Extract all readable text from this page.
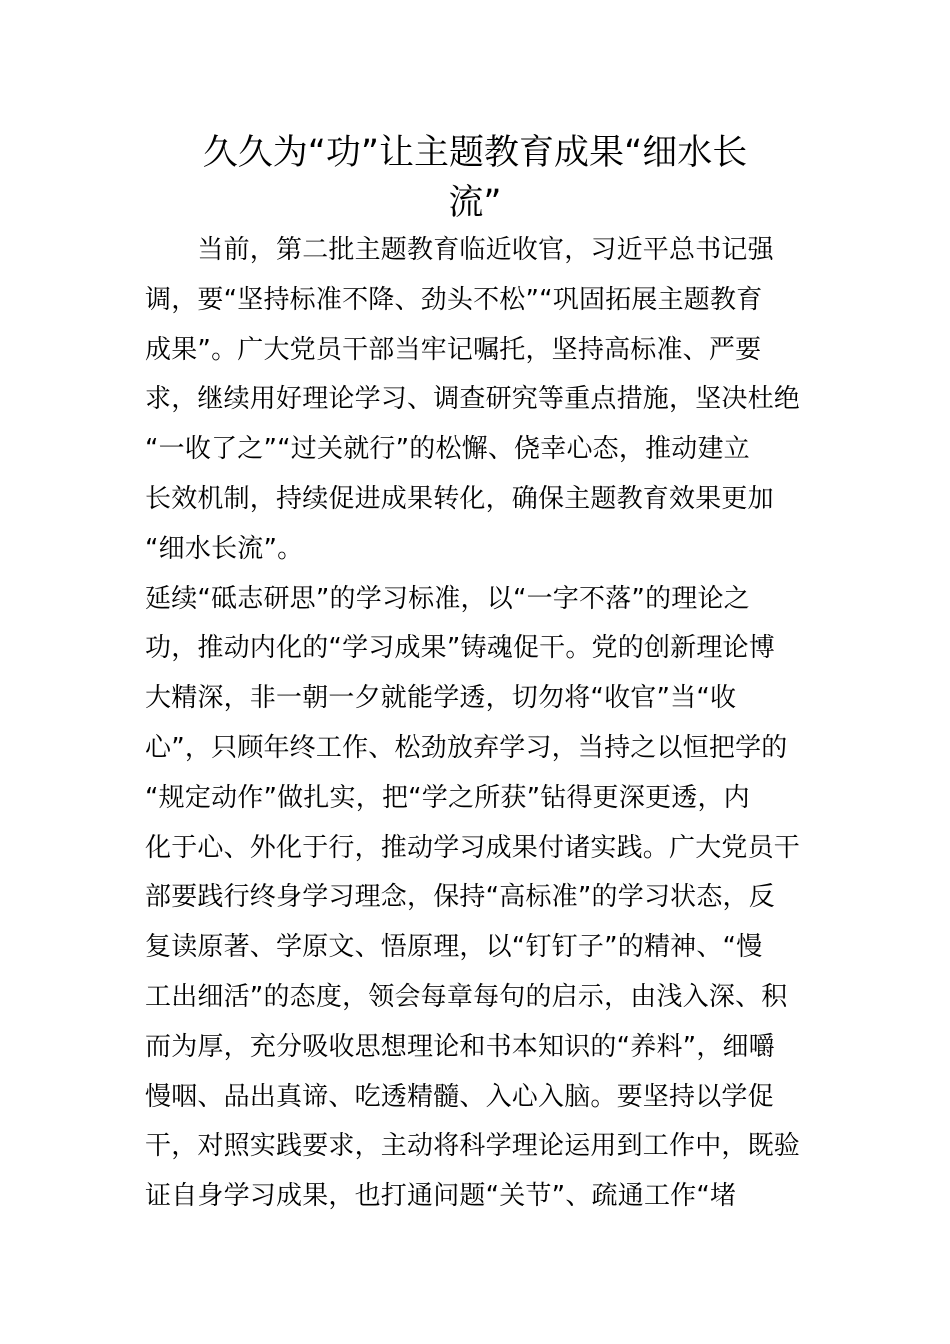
久久为“功”让主题教育成果“细水长
流”

　　当前，第二批主题教育临近收官，习近平总书记强

调，要“坚持标准不降、劲头不松”“巩固拓展主题教育

成果”。广大党员干部当牢记嘱托，坚持高标准、严要

求，继续用好理论学习、调查研究等重点措施，坚决杜绝

“一收了之”“过关就行”的松懈、侥幸心态，推动建立

长效机制，持续促进成果转化，确保主题教育效果更加

“细水长流”。

延续“砥志研思”的学习标准，以“一字不落”的理论之

功，推动内化的“学习成果”铸魂促干。党的创新理论博

大精深，非一朝一夕就能学透，切勿将“收官”当“收

心”，只顾年终工作、松劲放弃学习，当持之以恒把学的

“规定动作”做扎实，把“学之所获”钻得更深更透，内

化于心、外化于行，推动学习成果付诸实践。广大党员干

部要践行终身学习理念，保持“高标准”的学习状态，反

复读原著、学原文、悟原理，以“钉钉子”的精神、“慢

工出细活”的态度，领会每章每句的启示，由浅入深、积

而为厚，充分吸收思想理论和书本知识的“养料”，细嚼

慢咽、品出真谛、吃透精髓、入心入脑。要坚持以学促

干，对照实践要求，主动将科学理论运用到工作中，既验

证自身学习成果，也打通问题“关节”、疏通工作“堵
